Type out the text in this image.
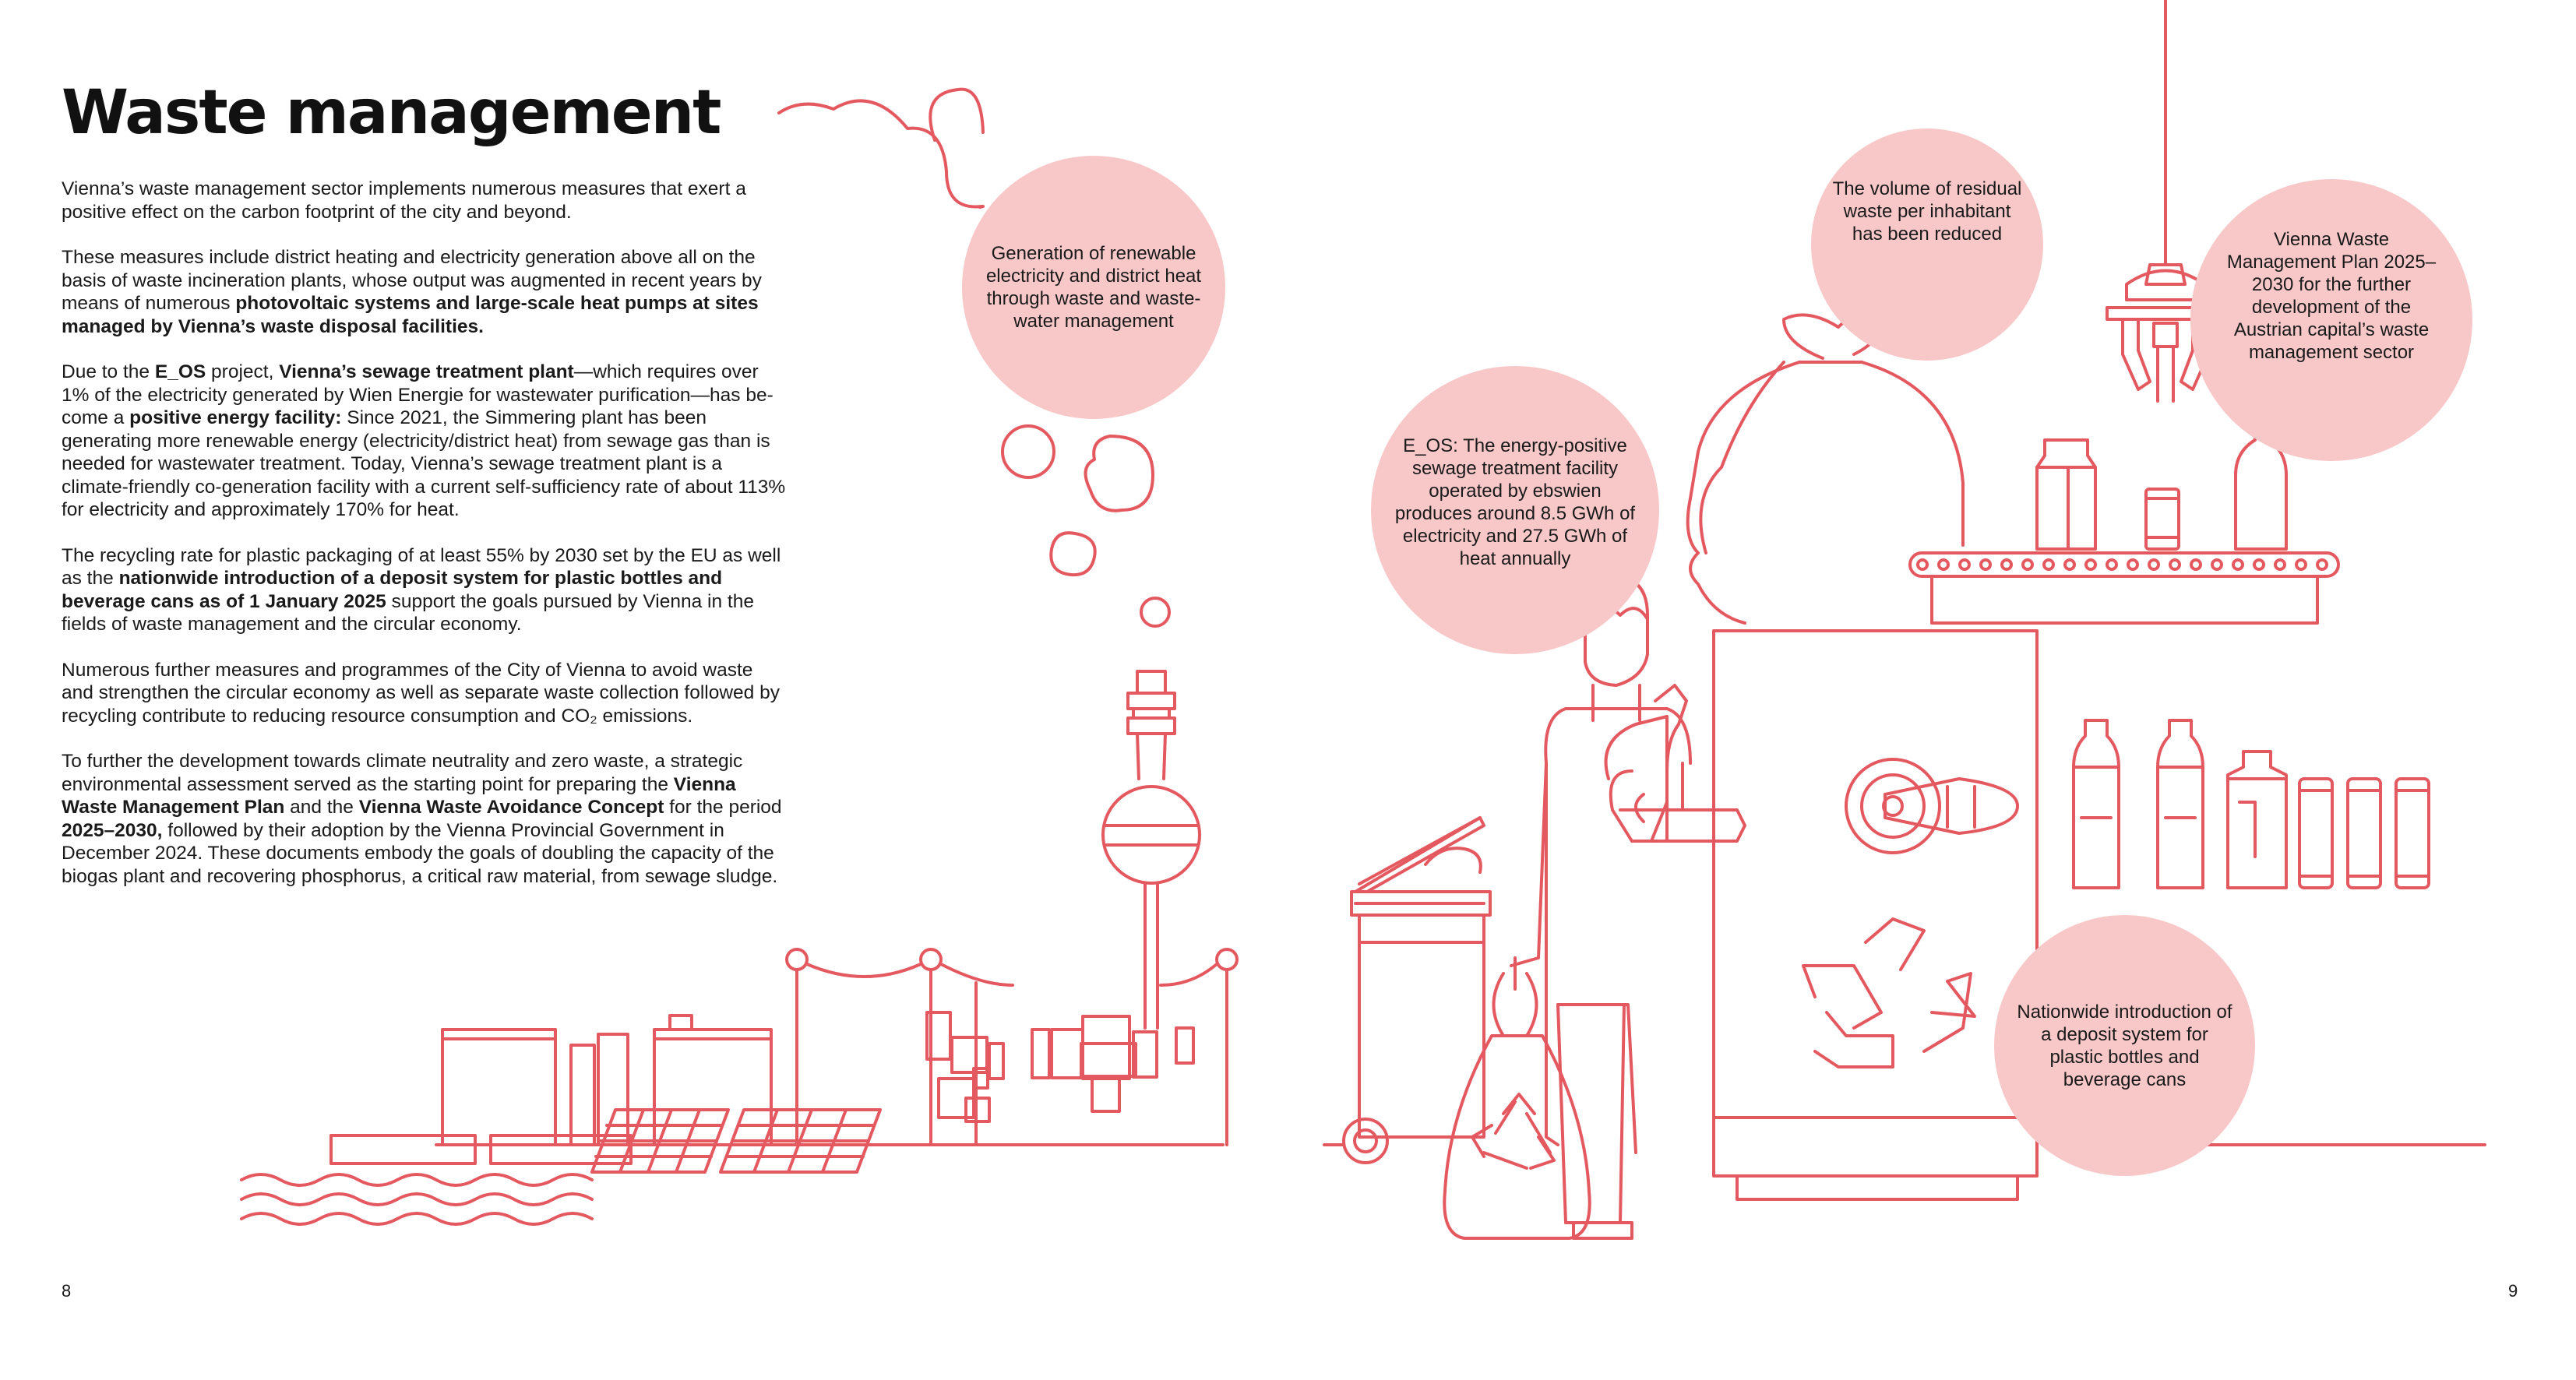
Waste management

Vienna’s waste management sector implements numerous measures that exert a positive effect on the carbon footprint of the city and beyond.

These measures include district heating and electricity generation above all on the basis of waste incineration plants, whose output was augmented in recent years by means of numerous photovoltaic systems and large-scale heat pumps at sites managed by Vienna’s waste disposal facilities.

Due to the E_OS project, Vienna’s sewage treatment plant—which requires over 1% of the electricity generated by Wien Energie for wastewater purification—has become a positive energy facility: Since 2021, the Simmering plant has been generating more renewable energy (electricity/district heat) from sewage gas than is needed for wastewater treatment. Today, Vienna’s sewage treatment plant is a climate-friendly co-generation facility with a current self-sufficiency rate of about 113% for electricity and approximately 170% for heat.

The recycling rate for plastic packaging of at least 55% by 2030 set by the EU as well as the nationwide introduction of a deposit system for plastic bottles and beverage cans as of 1 January 2025 support the goals pursued by Vienna in the fields of waste management and the circular economy.

Numerous further measures and programmes of the City of Vienna to avoid waste and strengthen the circular economy as well as separate waste collection followed by recycling contribute to reducing resource consumption and CO₂ emissions.

To further the development towards climate neutrality and zero waste, a strategic environmental assessment served as the starting point for preparing the Vienna Waste Management Plan and the Vienna Waste Avoidance Concept for the period 2025–2030, followed by their adoption by the Vienna Provincial Government in December 2024. These documents embody the goals of doubling the capacity of the biogas plant and recovering phosphorus, a critical raw material, from sewage sludge.

Generation of renewable electricity and district heat through waste and waste-water management
The volume of residual waste per inhabitant has been reduced	Vienna Waste Management Plan 2025–2030 for the further development of the Austrian capital’s waste management sector
E_OS: The energy-positive sewage treatment facility operated by ebswien produces around 8.5 GWh of electricity and 27.5 GWh of heat annually
Nationwide introduction of a deposit system for plastic bottles and beverage cans
8	9
